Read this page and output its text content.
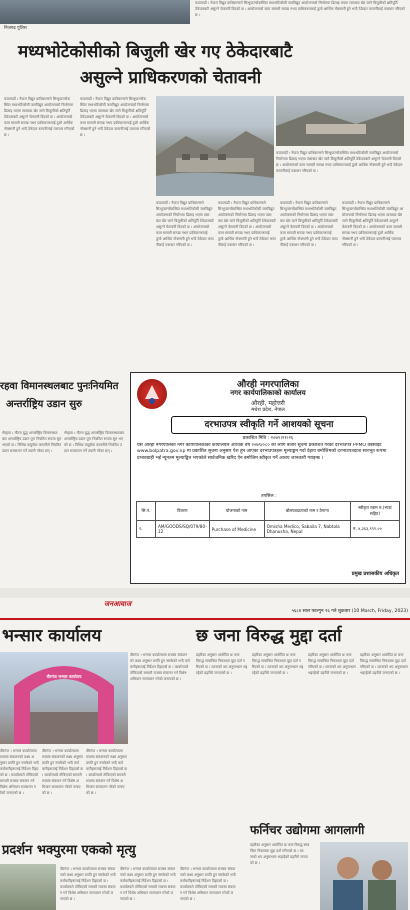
निजगढ पुलिस
काठमाडौं । नेपाल विद्युत प्राधिकरणले सिन्धुपाल्चोकस्थित मध्यभोटेकोसी जलविद्युत आयोजनाको निर्माणमा ढिलाइ भएमा त्यसबाट खेर जाने बिजुलीको क्षतिपूर्ति ठेकेदारबाटै असुल्ने चेतावनी दिएको छ । आयोजनाको काम समयमै सम्पन्न नभए प्राधिकरणलाई ठूलो आर्थिक नोक्सानी हुने भन्दै ठेकेदार कम्पनीलाई पत्राचार गरिएको छ ।
मध्यभोटेकोसीको बिजुली खेर गए ठेकेदारबाटै
असुल्ने प्राधिकरणको चेतावनी
काठमाडौं । नेपाल विद्युत प्राधिकरणले सिन्धुपाल्चोकस्थित मध्यभोटेकोसी जलविद्युत आयोजनाको निर्माणमा ढिलाइ भएमा त्यसबाट खेर जाने बिजुलीको क्षतिपूर्ति ठेकेदारबाटै असुल्ने चेतावनी दिएको छ । आयोजनाको काम समयमै सम्पन्न नभए प्राधिकरणलाई ठूलो आर्थिक नोक्सानी हुने भन्दै ठेकेदार कम्पनीलाई पत्राचार गरिएको छ ।
काठमाडौं । नेपाल विद्युत प्राधिकरणले सिन्धुपाल्चोकस्थित मध्यभोटेकोसी जलविद्युत आयोजनाको निर्माणमा ढिलाइ भएमा त्यसबाट खेर जाने बिजुलीको क्षतिपूर्ति ठेकेदारबाटै असुल्ने चेतावनी दिएको छ । आयोजनाको काम समयमै सम्पन्न नभए प्राधिकरणलाई ठूलो आर्थिक नोक्सानी हुने भन्दै ठेकेदार कम्पनीलाई पत्राचार गरिएको छ ।
काठमाडौं । नेपाल विद्युत प्राधिकरणले सिन्धुपाल्चोकस्थित मध्यभोटेकोसी जलविद्युत आयोजनाको निर्माणमा ढिलाइ भएमा त्यसबाट खेर जाने बिजुलीको क्षतिपूर्ति ठेकेदारबाटै असुल्ने चेतावनी दिएको छ । आयोजनाको काम समयमै सम्पन्न नभए प्राधिकरणलाई ठूलो आर्थिक नोक्सानी हुने भन्दै ठेकेदार कम्पनीलाई पत्राचार गरिएको छ ।
काठमाडौं । नेपाल विद्युत प्राधिकरणले सिन्धुपाल्चोकस्थित मध्यभोटेकोसी जलविद्युत आयोजनाको निर्माणमा ढिलाइ भएमा त्यसबाट खेर जाने बिजुलीको क्षतिपूर्ति ठेकेदारबाटै असुल्ने चेतावनी दिएको छ । आयोजनाको काम समयमै सम्पन्न नभए प्राधिकरणलाई ठूलो आर्थिक नोक्सानी हुने भन्दै ठेकेदार कम्पनीलाई पत्राचार गरिएको छ ।
काठमाडौं । नेपाल विद्युत प्राधिकरणले सिन्धुपाल्चोकस्थित मध्यभोटेकोसी जलविद्युत आयोजनाको निर्माणमा ढिलाइ भएमा त्यसबाट खेर जाने बिजुलीको क्षतिपूर्ति ठेकेदारबाटै असुल्ने चेतावनी दिएको छ । आयोजनाको काम समयमै सम्पन्न नभए प्राधिकरणलाई ठूलो आर्थिक नोक्सानी हुने भन्दै ठेकेदार कम्पनीलाई पत्राचार गरिएको छ ।
काठमाडौं । नेपाल विद्युत प्राधिकरणले सिन्धुपाल्चोकस्थित मध्यभोटेकोसी जलविद्युत आयोजनाको निर्माणमा ढिलाइ भएमा त्यसबाट खेर जाने बिजुलीको क्षतिपूर्ति ठेकेदारबाटै असुल्ने चेतावनी दिएको छ । आयोजनाको काम समयमै सम्पन्न नभए प्राधिकरणलाई ठूलो आर्थिक नोक्सानी हुने भन्दै ठेकेदार कम्पनीलाई पत्राचार गरिएको छ ।
काठमाडौं । नेपाल विद्युत प्राधिकरणले सिन्धुपाल्चोकस्थित मध्यभोटेकोसी जलविद्युत आयोजनाको निर्माणमा ढिलाइ भएमा त्यसबाट खेर जाने बिजुलीको क्षतिपूर्ति ठेकेदारबाटै असुल्ने चेतावनी दिएको छ । आयोजनाको काम समयमै सम्पन्न नभए प्राधिकरणलाई ठूलो आर्थिक नोक्सानी हुने भन्दै ठेकेदार कम्पनीलाई पत्राचार गरिएको छ ।
रहवा विमानस्थलबाट पुनःनियमित
अन्तर्राष्ट्रिय उडान सुरु
भैरहवा । गौतम बुद्ध अन्तर्राष्ट्रिय विमानस्थलबाट अन्तर्राष्ट्रिय उडान पुनः नियमित रूपमा सुरु भएको छ । विभिन्न वायुसेवा कम्पनीले नियमित उडान सञ्चालन गर्ने तयारी गरेका छन् ।
भैरहवा । गौतम बुद्ध अन्तर्राष्ट्रिय विमानस्थलबाट अन्तर्राष्ट्रिय उडान पुनः नियमित रूपमा सुरु भएको छ । विभिन्न वायुसेवा कम्पनीले नियमित उडान सञ्चालन गर्ने तयारी गरेका छन् ।
औरही नगरपालिका
नगर कार्यपालिकाको कार्यालय
औरही, महोत्तरी
मधेश प्रदेश, नेपाल
दरभाउपत्र स्वीकृति गर्ने आशयको सूचना
प्रकाशित मिति : २०७९।११।२६
यस औरही नगरपालिका नगर कार्यपालिकाको कार्यालयले आर्थिक वर्ष २०७९/०८० को लागि बजार सूचना प्रकाशित गरेको दरभाउपत्र PPMO वेबसाइट www.bolpatra.gov.np मा प्रकाशित सूचना अनुसार पेश हुन आएका दरभाउपत्रहरू मूल्याङ्कन गर्दा देहाय बमोजिमको दरभाउपत्रदाता सारभूत रूपमा प्रभावग्राही भई न्यूनतम मूल्याङ्कित भएकोले सार्वजनिक खरिद ऐन बमोजिम स्वीकृत गर्ने आशय जानकारी गराइन्छ ।
तपसिल :
सि.नं.	विवरण	योजनाको नाम	बोलपत्रदाताको नाम र ठेगाना	स्वीकृत रकम रु.(भ्याट सहित)
१.	AM/GOODS/SQ/079/80-12	Purchase of Medicine	Omisha Medico, Sabaila 7, Nabtola Dhanusha, Nepal	रु. ४,३६३,९९२.००
प्रमुख प्रशासकीय अधिकृत
जनआवाज
५६८४ साल फाल्गुन २६ गते शुक्रवार (10 March, Friday, 2023)
भन्सार कार्यालय	छ जना विरुद्ध मुद्दा दर्ता
वीरगंज भन्सार कार्यालय
वीरगंज । भन्सार कार्यालयमा राजस्व संकलनको लक्ष्य अनुसार प्रगति हुन नसकेको भन्दै कर्मचारीहरूलाई निर्देशन दिइएको छ । कार्यालयले तोकिएको समयमै राजस्व संकलन गर्न विशेष अभियान सञ्चालन गरेको जनाएको छ ।
वीरगंज । भन्सार कार्यालयमा राजस्व संकलनको लक्ष्य अनुसार प्रगति हुन नसकेको भन्दै कर्मचारीहरूलाई निर्देशन दिइएको छ । कार्यालयले तोकिएको समयमै राजस्व संकलन गर्न विशेष अभियान सञ्चालन गरेको जनाएको छ ।
वीरगंज । भन्सार कार्यालयमा राजस्व संकलनको लक्ष्य अनुसार प्रगति हुन नसकेको भन्दै कर्मचारीहरूलाई निर्देशन दिइएको छ । कार्यालयले तोकिएको समयमै राजस्व संकलन गर्न विशेष अभियान सञ्चालन गरेको जनाएको छ ।
वीरगंज । भन्सार कार्यालयमा राजस्व संकलनको लक्ष्य अनुसार प्रगति हुन नसकेको भन्दै कर्मचारीहरूलाई निर्देशन दिइएको छ । कार्यालयले तोकिएको समयमै राजस्व संकलन गर्न विशेष अभियान सञ्चालन गरेको जनाएको छ ।
प्रहरीका अनुसार आरोपित छ जना विरुद्ध सम्बन्धित निकायमा मुद्दा दर्ता गरिएको छ । घटनाको थप अनुसन्धान भइरहेको प्रहरीले जनाएको छ ।
प्रहरीका अनुसार आरोपित छ जना विरुद्ध सम्बन्धित निकायमा मुद्दा दर्ता गरिएको छ । घटनाको थप अनुसन्धान भइरहेको प्रहरीले जनाएको छ ।
प्रहरीका अनुसार आरोपित छ जना विरुद्ध सम्बन्धित निकायमा मुद्दा दर्ता गरिएको छ । घटनाको थप अनुसन्धान भइरहेको प्रहरीले जनाएको छ ।
प्रहरीका अनुसार आरोपित छ जना विरुद्ध सम्बन्धित निकायमा मुद्दा दर्ता गरिएको छ । घटनाको थप अनुसन्धान भइरहेको प्रहरीले जनाएको छ ।
फर्निचर उद्योगमा आगलागी
प्रदर्शन भक्पुरमा एकको मृत्यु
वीरगंज । भन्सार कार्यालयमा राजस्व संकलनको लक्ष्य अनुसार प्रगति हुन नसकेको भन्दै कर्मचारीहरूलाई निर्देशन दिइएको छ । कार्यालयले तोकिएको समयमै राजस्व संकलन गर्न विशेष अभियान सञ्चालन गरेको जनाएको छ ।
वीरगंज । भन्सार कार्यालयमा राजस्व संकलनको लक्ष्य अनुसार प्रगति हुन नसकेको भन्दै कर्मचारीहरूलाई निर्देशन दिइएको छ । कार्यालयले तोकिएको समयमै राजस्व संकलन गर्न विशेष अभियान सञ्चालन गरेको जनाएको छ ।
वीरगंज । भन्सार कार्यालयमा राजस्व संकलनको लक्ष्य अनुसार प्रगति हुन नसकेको भन्दै कर्मचारीहरूलाई निर्देशन दिइएको छ । कार्यालयले तोकिएको समयमै राजस्व संकलन गर्न विशेष अभियान सञ्चालन गरेको जनाएको छ ।
प्रहरीका अनुसार आरोपित छ जना विरुद्ध सम्बन्धित निकायमा मुद्दा दर्ता गरिएको छ । घटनाको थप अनुसन्धान भइरहेको प्रहरीले जनाएको छ ।
